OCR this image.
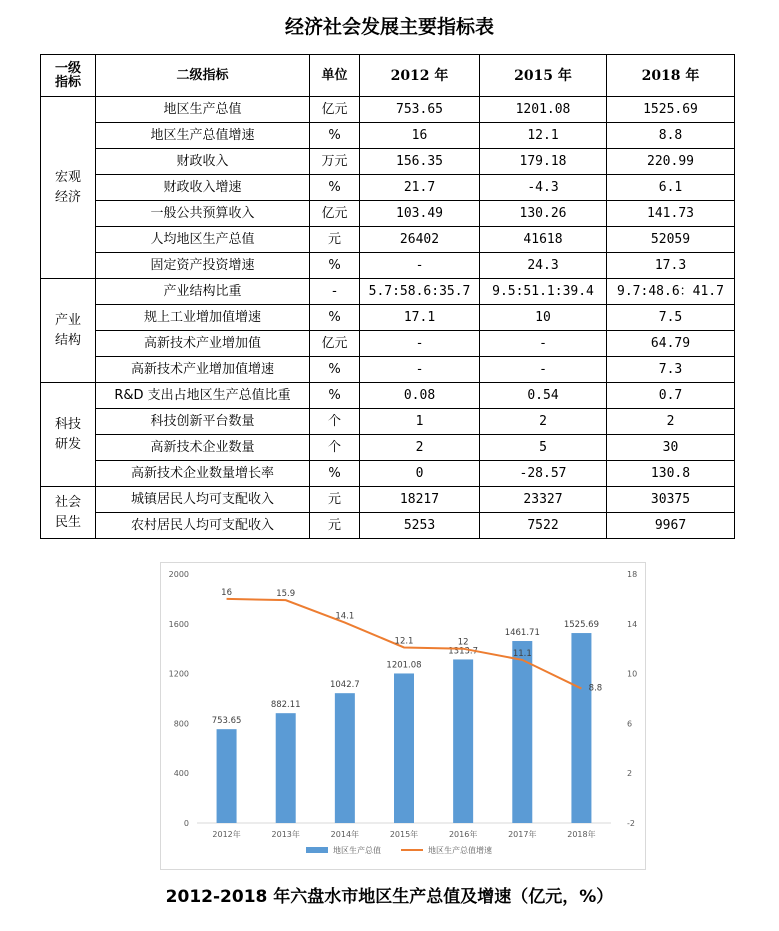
经济社会发展主要指标表
一级
指标	二级指标	单位	2012 年	2015 年	2018 年
宏观
经济	地区生产总值	亿元	753.65	1201.08	1525.69
	地区生产总值增速	%	16	12.1	8.8
	财政收入	万元	156.35	179.18	220.99
	财政收入增速	%	21.7	-4.3	6.1
	一般公共预算收入	亿元	103.49	130.26	141.73
	人均地区生产总值	元	26402	41618	52059
	固定资产投资增速	%	-	24.3	17.3
产业
结构	产业结构比重	-	5.7:58.6:35.7	9.5:51.1:39.4	9.7:48.6：41.7
	规上工业增加值增速	%	17.1	10	7.5
	高新技术产业增加值	亿元	-	-	64.79
	高新技术产业增加值增速	%	-	-	7.3
科技
研发	R&D 支出占地区生产总值比重	%	0.08	0.54	0.7
	科技创新平台数量	个	1	2	2
	高新技术企业数量	个	2	5	30
	高新技术企业数量增长率	%	0	-28.57	130.8
社会
民生	城镇居民人均可支配收入	元	18217	23327	30375
	农村居民人均可支配收入	元	5253	7522	9967
0
400
800
1200
1600
2000
-2
2
6
10
14
18
753.65
2012年
882.11
2013年
1042.7
2014年
1201.08
2015年
1313.7
2016年
1461.71
2017年
1525.69
2018年
16	15.9
14.1
12.1	12
11.1
8.8
地区生产总值	地区生产总值增速
2012-2018 年六盘水市地区生产总值及增速（亿元，%）
